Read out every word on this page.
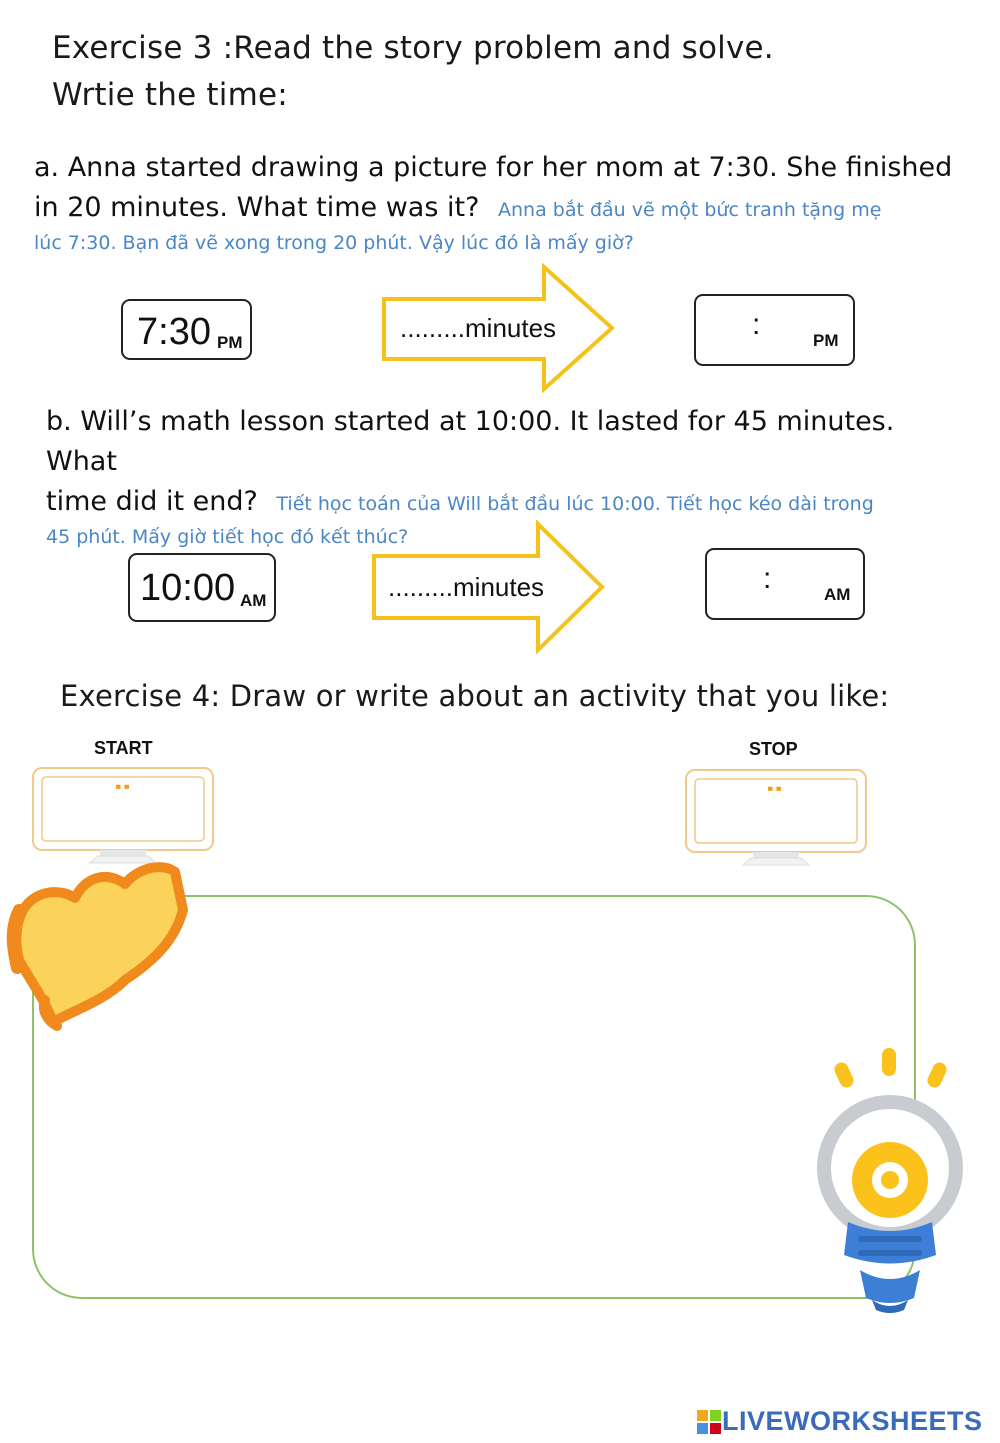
Exercise 3 :Read the story problem and solve.
Wrtie the time:
a. Anna started drawing a picture for her mom at 7:30. She finished
in 20 minutes. What time was it? Anna bắt đầu vẽ một bức tranh tặng mẹ
lúc 7:30. Bạn đã vẽ xong trong 20 phút. Vậy lúc đó là mấy giờ?
7:30 PM	.........minutes	:	PM
b. Will’s math lesson started at 10:00. It lasted for 45 minutes. What
time did it end? Tiết học toán của Will bắt đầu lúc 10:00. Tiết học kéo dài trong
45 phút. Mấy giờ tiết học đó kết thúc?
10:00 AM	.........minutes	:	AM
Exercise 4: Draw or write about an activity that you like:
START
:
STOP
:
LIVEWORKSHEETS
